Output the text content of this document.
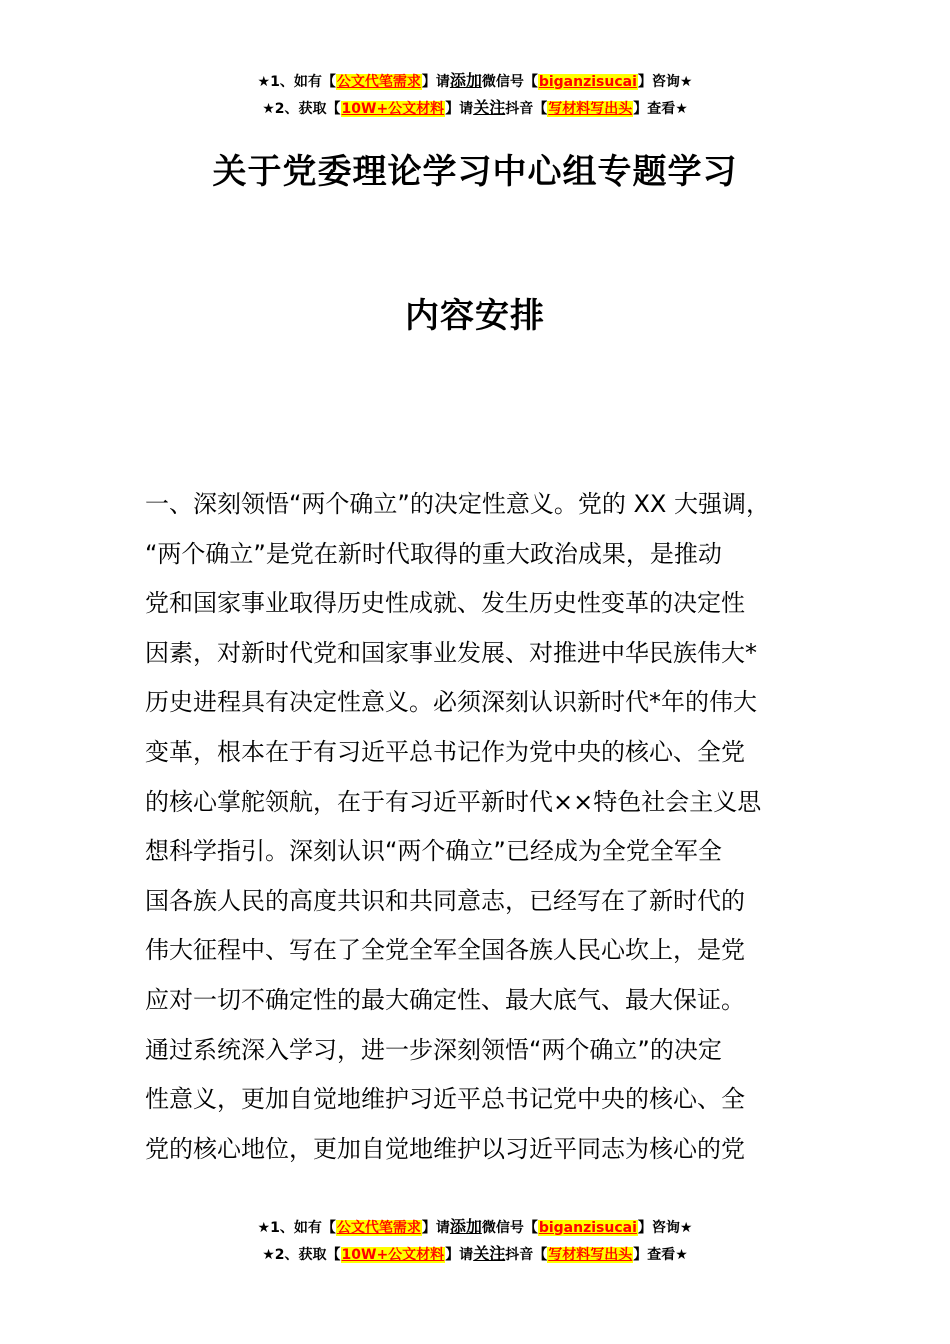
★1、如有【公文代笔需求】请添加微信号【biganzisucai】咨询★
★2、获取【10W+公文材料】请关注抖音【写材料写出头】查看★
关于党委理论学习中心组专题学习
内容安排
一、深刻领悟“两个确立”的决定性意义。党的 XX 大强调，
“两个确立”是党在新时代取得的重大政治成果，是推动
党和国家事业取得历史性成就、发生历史性变革的决定性
因素，对新时代党和国家事业发展、对推进中华民族伟大*
历史进程具有决定性意义。必须深刻认识新时代*年的伟大
变革，根本在于有习近平总书记作为党中央的核心、全党
的核心掌舵领航，在于有习近平新时代××特色社会主义思
想科学指引。深刻认识“两个确立”已经成为全党全军全
国各族人民的高度共识和共同意志，已经写在了新时代的
伟大征程中、写在了全党全军全国各族人民心坎上，是党
应对一切不确定性的最大确定性、最大底气、最大保证。
通过系统深入学习，进一步深刻领悟“两个确立”的决定
性意义，更加自觉地维护习近平总书记党中央的核心、全
党的核心地位，更加自觉地维护以习近平同志为核心的党
★1、如有【公文代笔需求】请添加微信号【biganzisucai】咨询★
★2、获取【10W+公文材料】请关注抖音【写材料写出头】查看★
